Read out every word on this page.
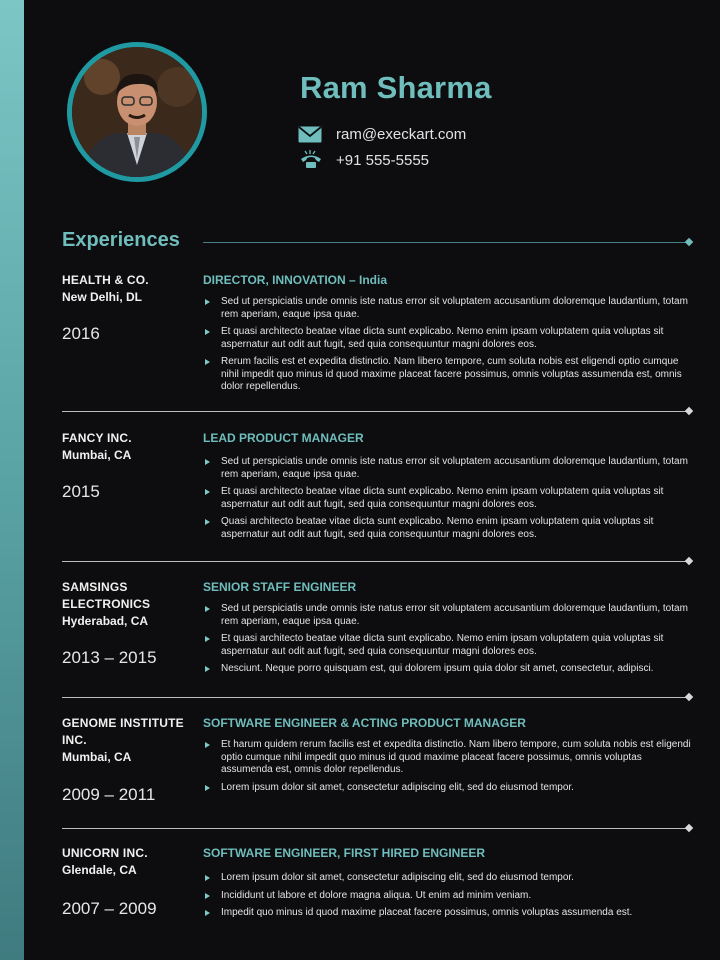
Ram Sharma
ram@execkart.com
+91 555-5555
Experiences
HEALTH & CO.
New Delhi, DL
2016
DIRECTOR, INNOVATION – India
Sed ut perspiciatis unde omnis iste natus error sit voluptatem accusantium doloremque laudantium, totam rem aperiam, eaque ipsa quae.
Et quasi architecto beatae vitae dicta sunt explicabo. Nemo enim ipsam voluptatem quia voluptas sit aspernatur aut odit aut fugit, sed quia consequuntur magni dolores eos.
Rerum facilis est et expedita distinctio. Nam libero tempore, cum soluta nobis est eligendi optio cumque nihil impedit quo minus id quod maxime placeat facere possimus, omnis voluptas assumenda est, omnis dolor repellendus.
FANCY INC.
Mumbai, CA
2015
LEAD PRODUCT MANAGER
Sed ut perspiciatis unde omnis iste natus error sit voluptatem accusantium doloremque laudantium, totam rem aperiam, eaque ipsa quae.
Et quasi architecto beatae vitae dicta sunt explicabo. Nemo enim ipsam voluptatem quia voluptas sit aspernatur aut odit aut fugit, sed quia consequuntur magni dolores eos.
Quasi architecto beatae vitae dicta sunt explicabo. Nemo enim ipsam voluptatem quia voluptas sit aspernatur aut odit aut fugit, sed quia consequuntur magni dolores eos.
SAMSINGS
ELECTRONICS
Hyderabad, CA
2013 – 2015
SENIOR STAFF ENGINEER
Sed ut perspiciatis unde omnis iste natus error sit voluptatem accusantium doloremque laudantium, totam rem aperiam, eaque ipsa quae.
Et quasi architecto beatae vitae dicta sunt explicabo. Nemo enim ipsam voluptatem quia voluptas sit aspernatur aut odit aut fugit, sed quia consequuntur magni dolores eos.
Nesciunt. Neque porro quisquam est, qui dolorem ipsum quia dolor sit amet, consectetur, adipisci.
GENOME INSTITUTE
INC.
Mumbai, CA
2009 – 2011
SOFTWARE ENGINEER & ACTING PRODUCT MANAGER
Et harum quidem rerum facilis est et expedita distinctio. Nam libero tempore, cum soluta nobis est eligendi optio cumque nihil impedit quo minus id quod maxime placeat facere possimus, omnis voluptas assumenda est, omnis dolor repellendus.
Lorem ipsum dolor sit amet, consectetur adipiscing elit, sed do eiusmod tempor.
UNICORN INC.
Glendale, CA
2007 – 2009
SOFTWARE ENGINEER, FIRST HIRED ENGINEER
Lorem ipsum dolor sit amet, consectetur adipiscing elit, sed do eiusmod tempor.
Incididunt ut labore et dolore magna aliqua. Ut enim ad minim veniam.
Impedit quo minus id quod maxime placeat facere possimus, omnis voluptas assumenda est.
